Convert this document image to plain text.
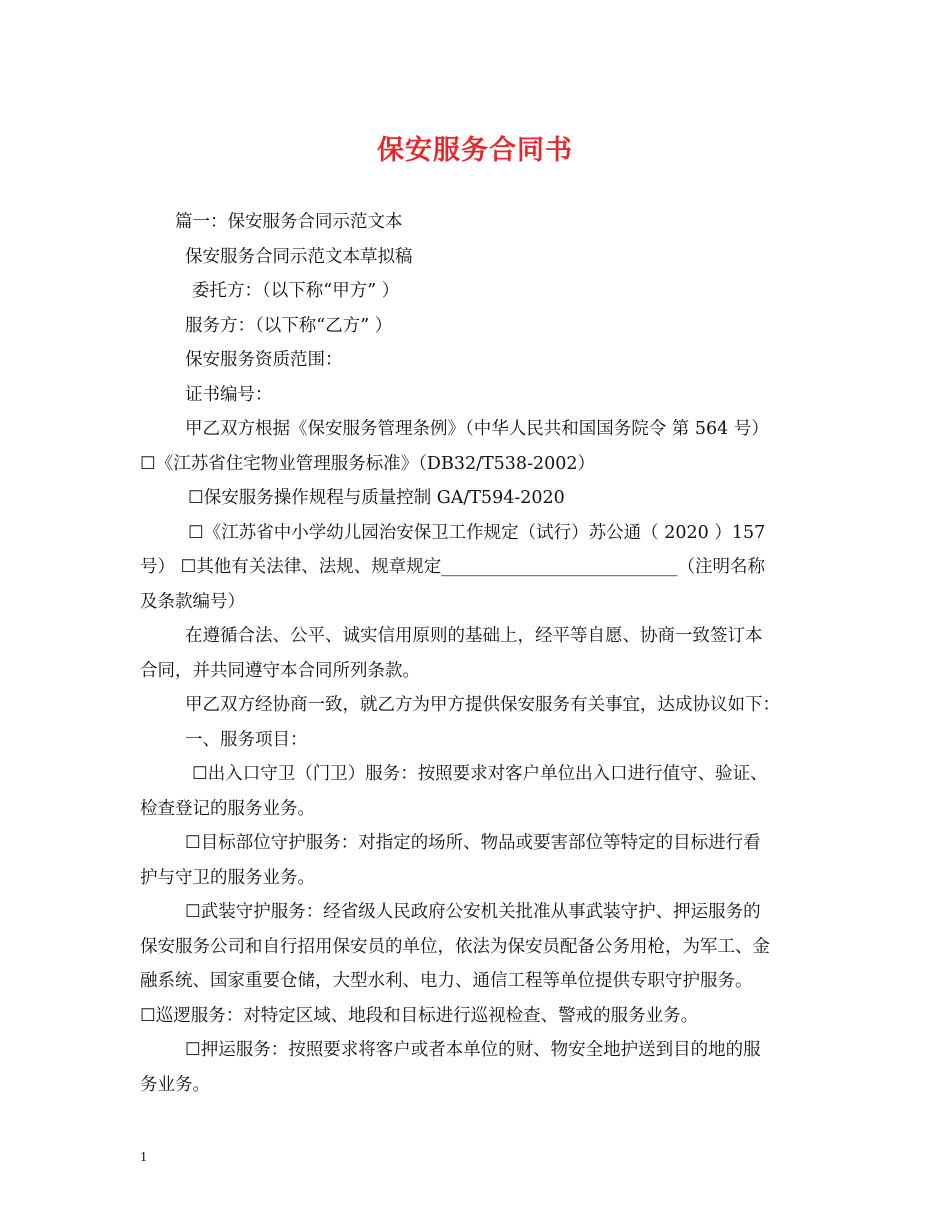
保安服务合同书
篇一：保安服务合同示范文本
保安服务合同示范文本草拟稿
委托方：（以下称“甲方” ）
服务方：（以下称“乙方” ）
保安服务资质范围：
证书编号：
甲乙双方根据《保安服务管理条例》（中华人民共和国国务院令 第 564 号）
☐《江苏省住宅物业管理服务标准》（DB32/T538-2002）
☐保安服务操作规程与质量控制 GA/T594-2020
☐《江苏省中小学幼儿园治安保卫工作规定（试行）苏公通（ 2020 ）157
号） ☐其他有关法律、法规、规章规定___________________________（注明名称
及条款编号）
在遵循合法、公平、诚实信用原则的基础上，经平等自愿、协商一致签订本
合同，并共同遵守本合同所列条款。
甲乙双方经协商一致，就乙方为甲方提供保安服务有关事宜，达成协议如下：
一、服务项目：
☐出入口守卫（门卫）服务：按照要求对客户单位出入口进行值守、验证、
检查登记的服务业务。
☐目标部位守护服务：对指定的场所、物品或要害部位等特定的目标进行看
护与守卫的服务业务。
☐武装守护服务：经省级人民政府公安机关批准从事武装守护、押运服务的
保安服务公司和自行招用保安员的单位，依法为保安员配备公务用枪，为军工、金
融系统、国家重要仓储，大型水利、电力、通信工程等单位提供专职守护服务。
☐巡逻服务：对特定区域、地段和目标进行巡视检查、警戒的服务业务。
☐押运服务：按照要求将客户或者本单位的财、物安全地护送到目的地的服
务业务。
1
